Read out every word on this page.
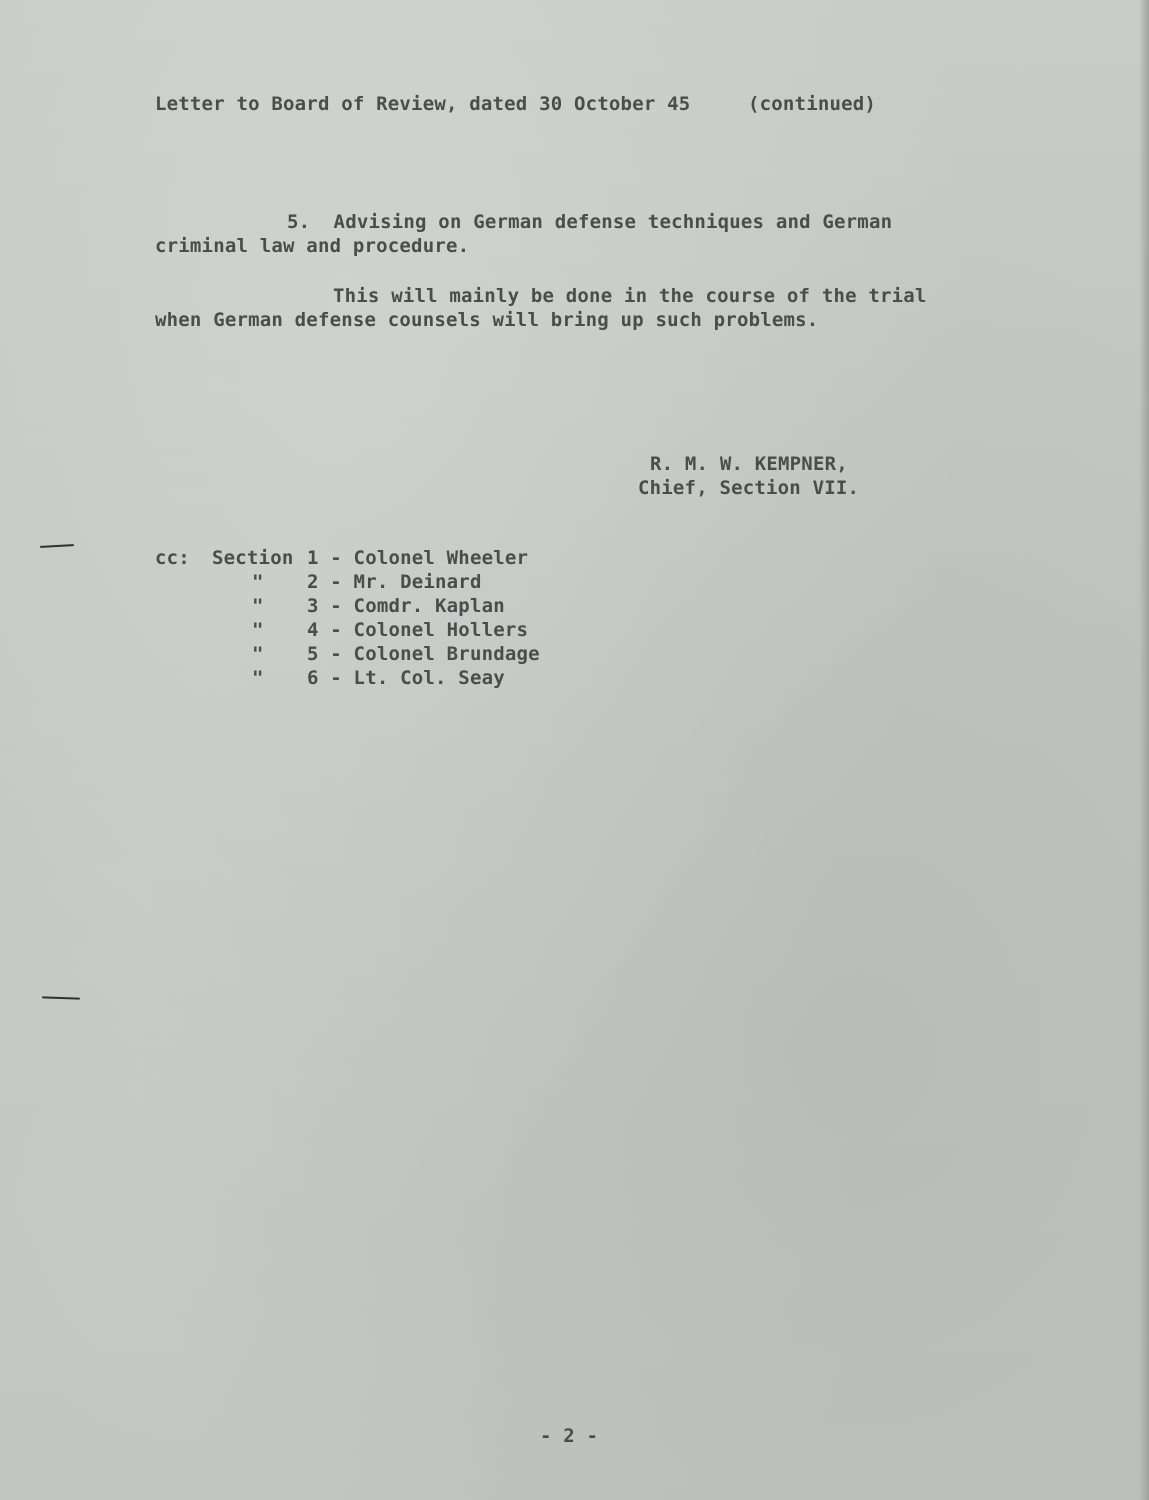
Letter to Board of Review, dated 30 October 45	(continued)
5.  Advising on German defense techniques and German
criminal law and procedure.
This will mainly be done in the course of the trial
when German defense counsels will bring up such problems.
R. M. W. KEMPNER,
Chief, Section VII.
cc: Section 1 - Colonel Wheeler
" 2 - Mr. Deinard
" 3 - Comdr. Kaplan
" 4 - Colonel Hollers
" 5 - Colonel Brundage
" 6 - Lt. Col. Seay
- 2 -
